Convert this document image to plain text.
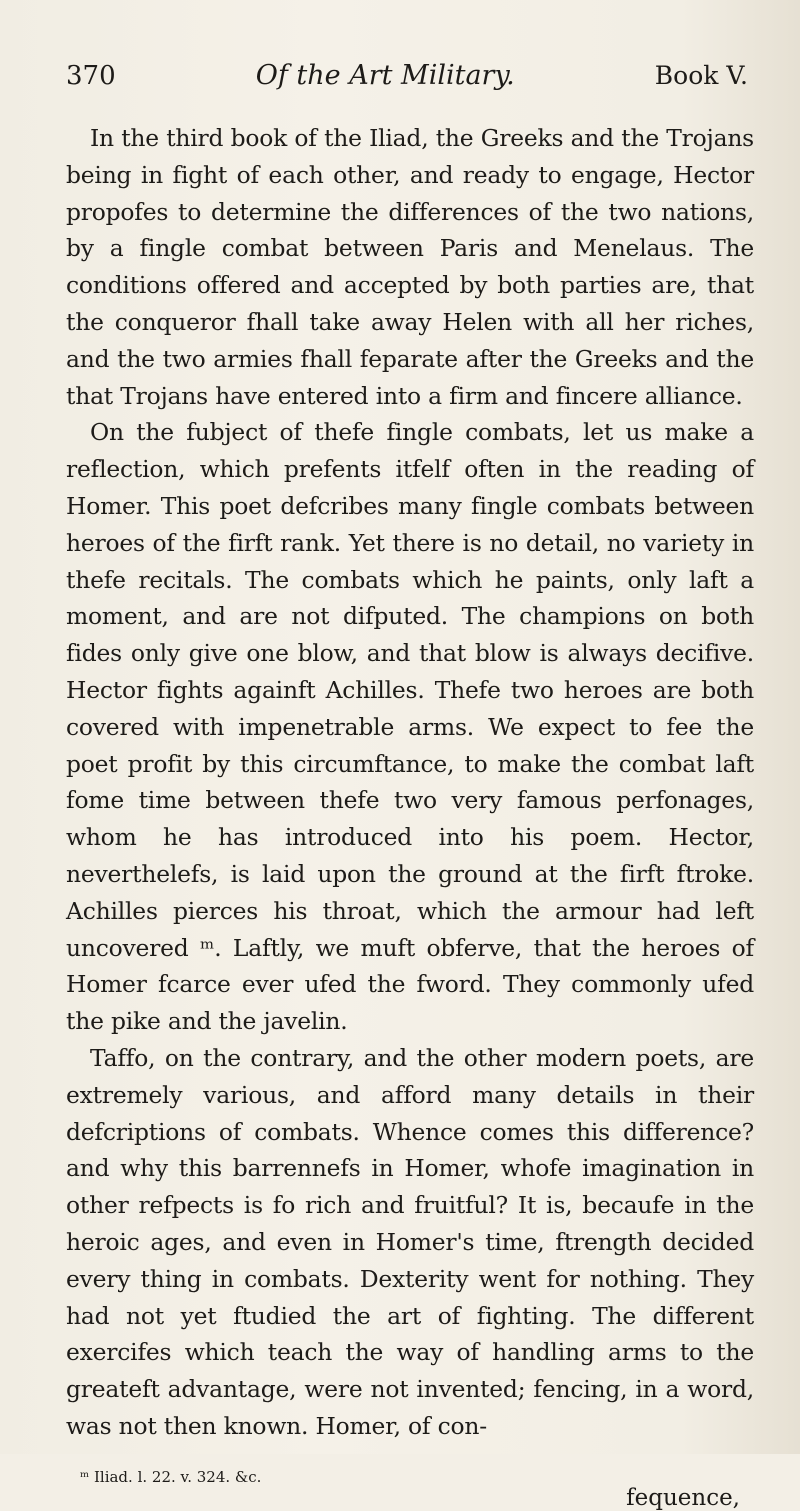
370	Of the Art Military.	Book V.

In the third book of the Iliad, the Greeks and the Trojans being in fight of each other, and ready to engage, Hector propofes to determine the differences of the two nations, by a fingle combat between Paris and Menelaus. The conditions offered and accepted by both parties are, that the conqueror fhall take away Helen with all her riches, and the two armies fhall feparate after the Greeks and the that Trojans have entered into a firm and fincere alliance.

On the fubject of thefe fingle combats, let us make a reflection, which prefents itfelf often in the reading of Homer. This poet defcribes many fingle combats between heroes of the firft rank. Yet there is no detail, no variety in thefe recitals. The combats which he paints, only laft a moment, and are not difputed. The champions on both fides only give one blow, and that blow is always decifive. Hector fights againft Achilles. Thefe two heroes are both covered with impenetrable arms. We expect to fee the poet profit by this circumftance, to make the combat laft fome time between thefe two very famous perfonages, whom he has introduced into his poem. Hector, neverthelefs, is laid upon the ground at the firft ftroke. Achilles pierces his throat, which the armour had left uncovered ᵐ. Laftly, we muft obferve, that the heroes of Homer fcarce ever ufed the fword. They commonly ufed the pike and the javelin.

Taffo, on the contrary, and the other modern poets, are extremely various, and afford many details in their defcriptions of combats. Whence comes this difference? and why this barrennefs in Homer, whofe imagination in other refpects is fo rich and fruitful? It is, becaufe in the heroic ages, and even in Homer's time, ftrength decided every thing in combats. Dexterity went for nothing. They had not yet ftudied the art of fighting. The different exercifes which teach the way of handling arms to the greateft advantage, were not invented; fencing, in a word, was not then known. Homer, of con-

ᵐ Iliad. l. 22. v. 324. &c.
fequence,
